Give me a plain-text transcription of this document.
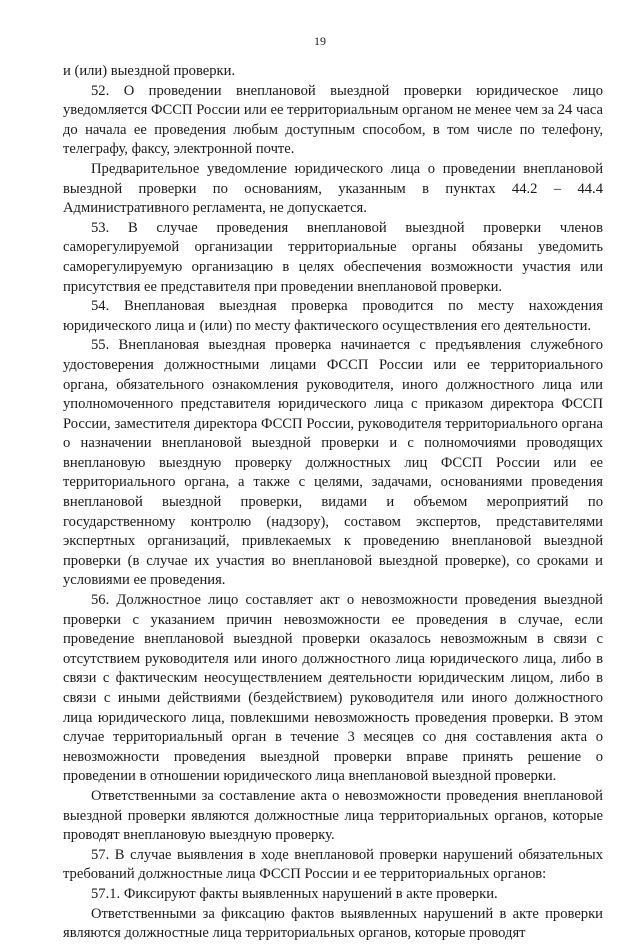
19

и (или) выездной проверки.

52. О проведении внеплановой выездной проверки юридическое лицо уведомляется ФССП России или ее территориальным органом не менее чем за 24 часа до начала ее проведения любым доступным способом, в том числе по телефону, телеграфу, факсу, электронной почте.

Предварительное уведомление юридического лица о проведении внеплановой выездной проверки по основаниям, указанным в пунктах 44.2 – 44.4 Административного регламента, не допускается.

53. В случае проведения внеплановой выездной проверки членов саморегулируемой организации территориальные органы обязаны уведомить саморегулируемую организацию в целях обеспечения возможности участия или присутствия ее представителя при проведении внеплановой проверки.

54. Внеплановая выездная проверка проводится по месту нахождения юридического лица и (или) по месту фактического осуществления его деятельности.

55. Внеплановая выездная проверка начинается с предъявления служебного удостоверения должностными лицами ФССП России или ее территориального органа, обязательного ознакомления руководителя, иного должностного лица или уполномоченного представителя юридического лица с приказом директора ФССП России, заместителя директора ФССП России, руководителя территориального органа о назначении внеплановой выездной проверки и с полномочиями проводящих внеплановую выездную проверку должностных лиц ФССП России или ее территориального органа, а также с целями, задачами, основаниями проведения внеплановой выездной проверки, видами и объемом мероприятий по государственному контролю (надзору), составом экспертов, представителями экспертных организаций, привлекаемых к проведению внеплановой выездной проверки (в случае их участия во внеплановой выездной проверке), со сроками и условиями ее проведения.

56. Должностное лицо составляет акт о невозможности проведения выездной проверки с указанием причин невозможности ее проведения в случае, если проведение внеплановой выездной проверки оказалось невозможным в связи с отсутствием руководителя или иного должностного лица юридического лица, либо в связи с фактическим неосуществлением деятельности юридическим лицом, либо в связи с иными действиями (бездействием) руководителя или иного должностного лица юридического лица, повлекшими невозможность проведения проверки. В этом случае территориальный орган в течение 3 месяцев со дня составления акта о невозможности проведения выездной проверки вправе принять решение о проведении в отношении юридического лица внеплановой выездной проверки.

Ответственными за составление акта о невозможности проведения внеплановой выездной проверки являются должностные лица территориальных органов, которые проводят внеплановую выездную проверку.

57. В случае выявления в ходе внеплановой проверки нарушений обязательных требований должностные лица ФССП России и ее территориальных органов:

57.1. Фиксируют факты выявленных нарушений в акте проверки.

Ответственными за фиксацию фактов выявленных нарушений в акте проверки являются должностные лица территориальных органов, которые проводят
